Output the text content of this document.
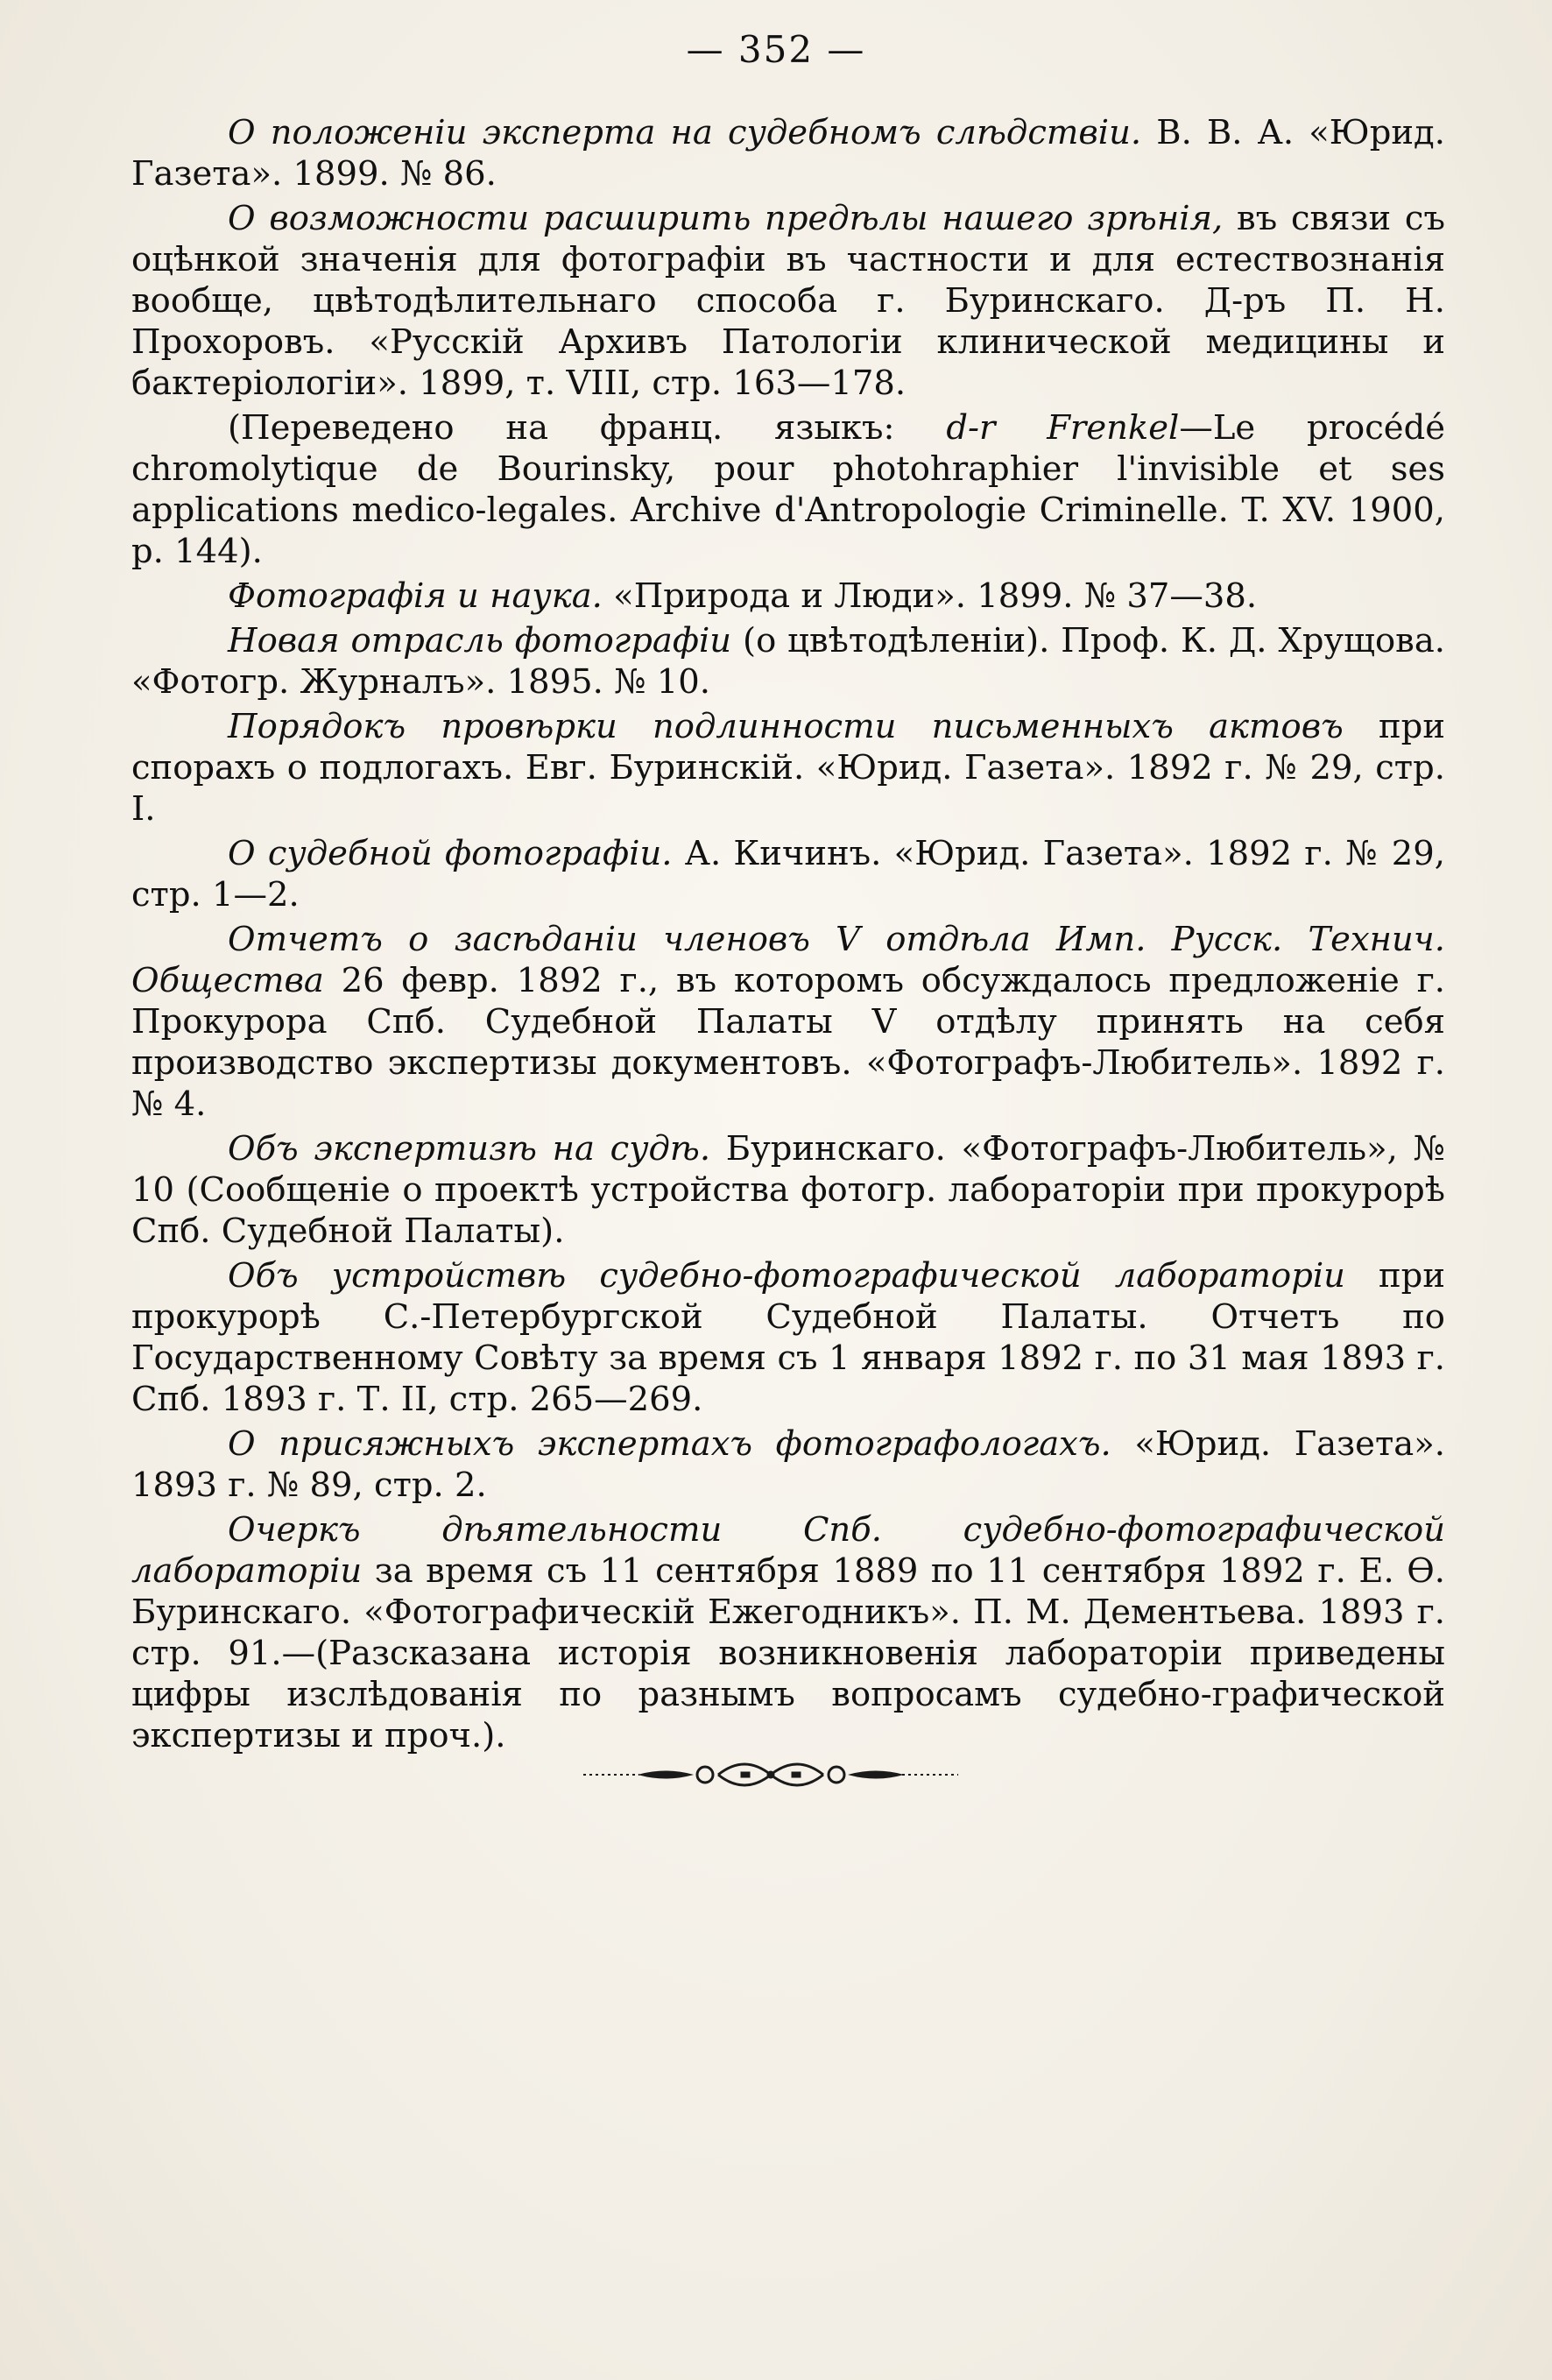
— 352 —

О положеніи эксперта на судебномъ слѣдствіи. В. В. А. «Юрид. Газета». 1899. № 86.

О возможности расширить предѣлы нашего зрѣнія, въ связи съ оцѣнкой значенія для фотографіи въ частности и для естествознанія вообще, цвѣтодѣлительнаго способа г. Буринскаго. Д-ръ П. Н. Прохоровъ. «Русскій Архивъ Патологіи клинической медицины и бактеріологіи». 1899, т. VIII, стр. 163—178.

(Переведено на франц. языкъ: d-r Frenkel—Le procédé chromolytique de Bourinsky, pour photohraphier l'invisible et ses applications medico-legales. Archive d'Antropologie Criminelle. T. XV. 1900, p. 144).

Фотографія и наука. «Природа и Люди». 1899. № 37—38.

Новая отрасль фотографіи (о цвѣтодѣленіи). Проф. К. Д. Хрущова. «Фотогр. Журналъ». 1895. № 10.

Порядокъ провѣрки подлинности письменныхъ актовъ при спорахъ о подлогахъ. Евг. Буринскій. «Юрид. Газета». 1892 г. № 29, стр. I.

О судебной фотографіи. А. Кичинъ. «Юрид. Газета». 1892 г. № 29, стр. 1—2.

Отчетъ о засѣданіи членовъ V отдѣла Имп. Русск. Технич. Общества 26 февр. 1892 г., въ которомъ обсуждалось предложеніе г. Прокурора Спб. Судебной Палаты V отдѣлу принять на себя производство экспертизы документовъ. «Фотографъ-Любитель». 1892 г. № 4.

Объ экспертизѣ на судѣ. Буринскаго. «Фотографъ-Любитель», № 10 (Сообщеніе о проектѣ устройства фотогр. лабораторіи при прокурорѣ Спб. Судебной Палаты).

Объ устройствѣ судебно-фотографической лабораторіи при прокурорѣ С.-Петербургской Судебной Палаты. Отчетъ по Государственному Совѣту за время съ 1 января 1892 г. по 31 мая 1893 г. Спб. 1893 г. Т. II, стр. 265—269.

О присяжныхъ экспертахъ фотографологахъ. «Юрид. Газета». 1893 г. № 89, стр. 2.

Очеркъ дѣятельности Спб. судебно-фотографической лабораторіи за время съ 11 сентября 1889 по 11 сентября 1892 г. Е. Ѳ. Буринскаго. «Фотографическій Ежегодникъ». П. М. Дементьева. 1893 г. стр. 91.—(Разсказана исторія возникновенія лабораторіи приведены цифры изслѣдованія по разнымъ вопросамъ судебно-графической экспертизы и проч.).
